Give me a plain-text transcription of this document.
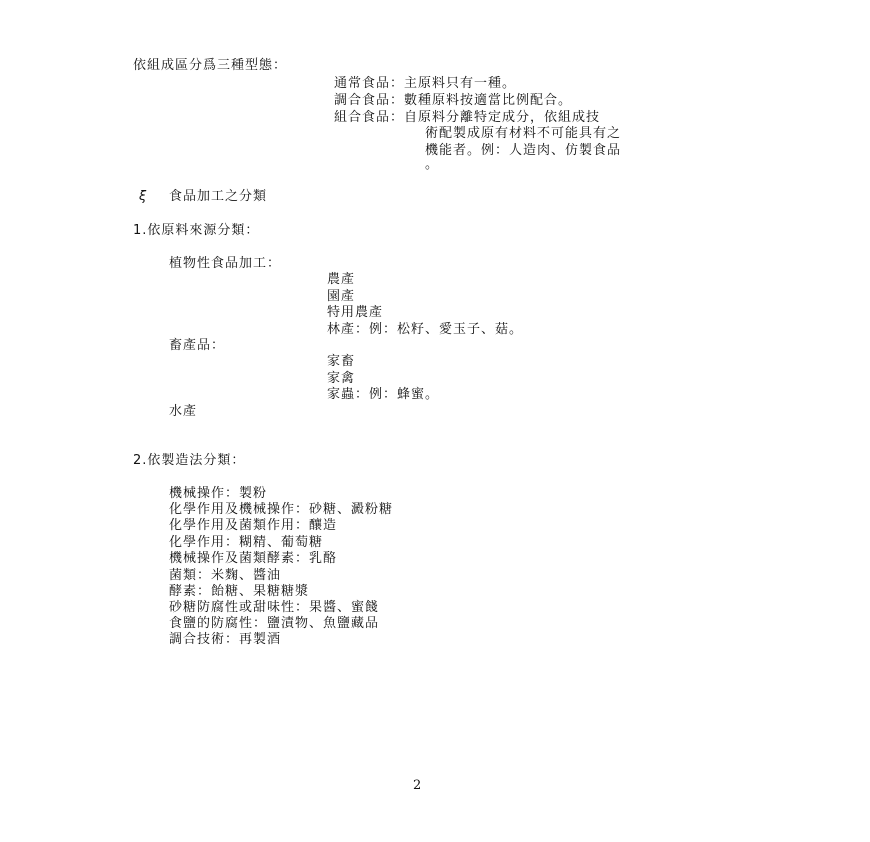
依組成區分爲三種型態：
通常食品：主原料只有一種。
調合食品：數種原料按適當比例配合。
組合食品：自原料分離特定成分，依組成技
術配製成原有材料不可能具有之
機能者。例：人造肉、仿製食品
。
ξ 食品加工之分類
1.依原料來源分類：
植物性食品加工：
農產
園產
特用農產
林產：例：松籽、愛玉子、菇。
畜產品：
家畜
家禽
家蟲：例：蜂蜜。
水產
2.依製造法分類：
機械操作：製粉
化學作用及機械操作：砂糖、澱粉糖
化學作用及菌類作用：釀造
化學作用：糊精、葡萄糖
機械操作及菌類酵素：乳酪
菌類：米麴、醬油
酵素：飴糖、果糖糖漿
砂糖防腐性或甜味性：果醬、蜜餞
食鹽的防腐性：鹽漬物、魚鹽藏品
調合技術：再製酒
2
